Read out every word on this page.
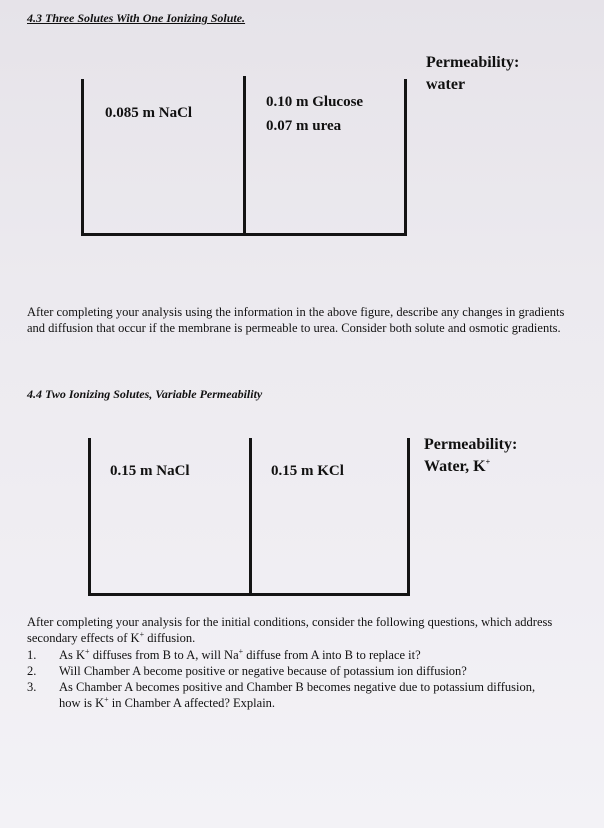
4.3 Three Solutes With One Ionizing Solute.
0.085 m NaCl
0.10 m Glucose
0.07 m urea
Permeability:
water
After completing your analysis using the information in the above figure, describe any changes in gradients and diffusion that occur if the membrane is permeable to urea. Consider both solute and osmotic gradients.
4.4 Two Ionizing Solutes, Variable Permeability
0.15 m NaCl	0.15 m KCl
Permeability:
Water, K+
After completing your analysis for the initial conditions, consider the following questions, which address secondary effects of K+ diffusion.
1.	As K+ diffuses from B to A, will Na+ diffuse from A into B to replace it?
2.	Will Chamber A become positive or negative because of potassium ion diffusion?
3.	As Chamber A becomes positive and Chamber B becomes negative due to potassium diffusion, how is K+ in Chamber A affected? Explain.
